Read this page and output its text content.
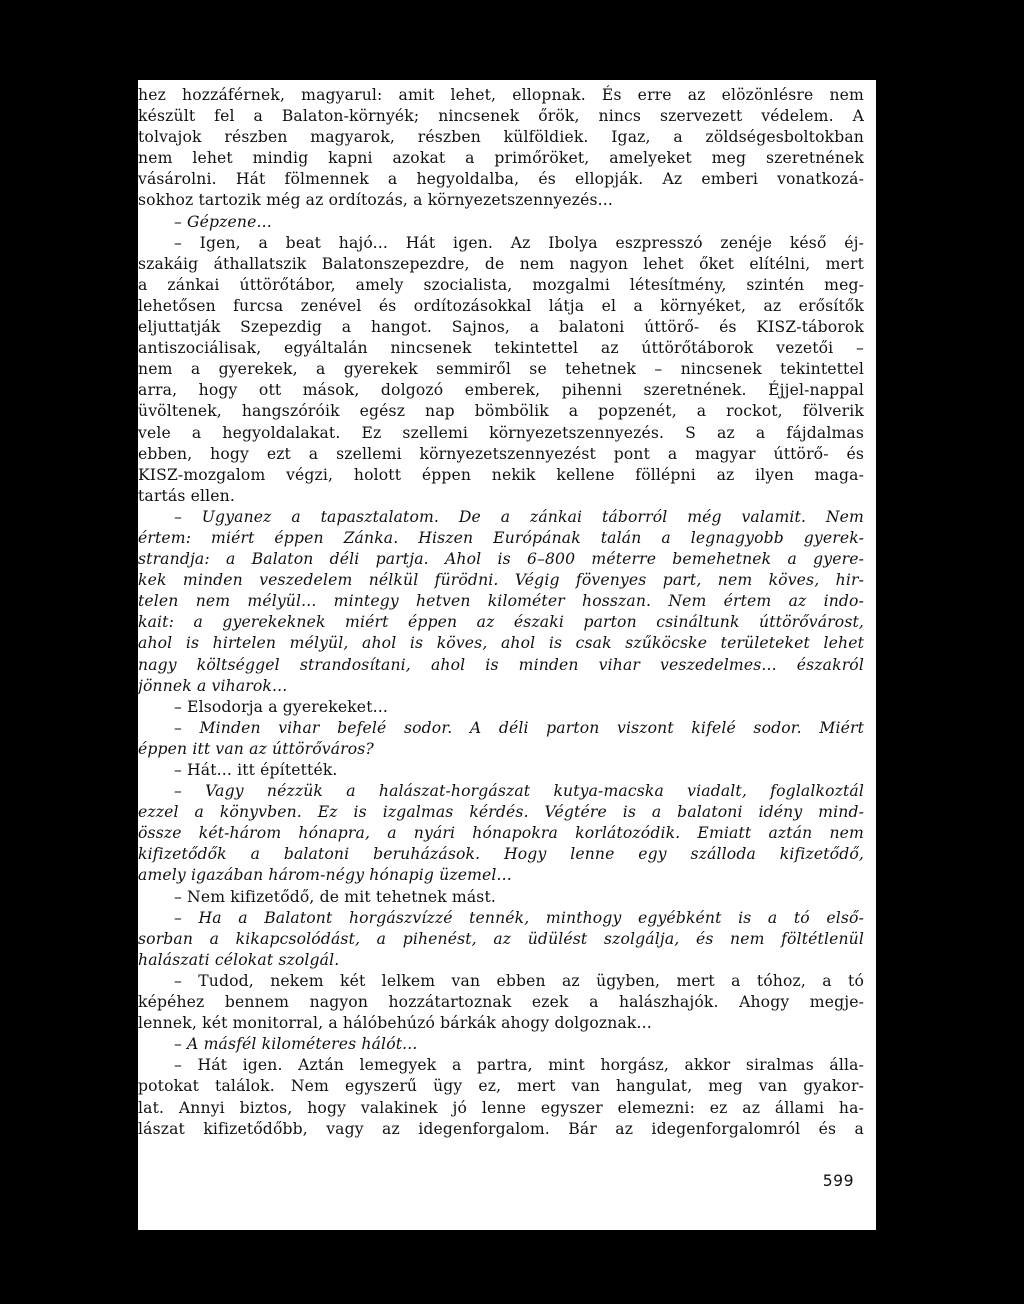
hez hozzáférnek, magyarul: amit lehet, ellopnak. És erre az elözönlésre nem
készült fel a Balaton-környék; nincsenek őrök, nincs szervezett védelem. A
tolvajok részben magyarok, részben külföldiek. Igaz, a zöldségesboltokban
nem lehet mindig kapni azokat a primőröket, amelyeket meg szeretnének
vásárolni. Hát fölmennek a hegyoldalba, és ellopják. Az emberi vonatkozá-
sokhoz tartozik még az ordítozás, a környezetszennyezés...
– Gépzene...
– Igen, a beat hajó... Hát igen. Az Ibolya eszpresszó zenéje késő éj-
szakáig áthallatszik Balatonszepezdre, de nem nagyon lehet őket elítélni, mert
a zánkai úttörőtábor, amely szocialista, mozgalmi létesítmény, szintén meg-
lehetősen furcsa zenével és ordítozásokkal látja el a környéket, az erősítők
eljuttatják Szepezdig a hangot. Sajnos, a balatoni úttörő- és KISZ-táborok
antiszociálisak, egyáltalán nincsenek tekintettel az úttörőtáborok vezetői –
nem a gyerekek, a gyerekek semmiről se tehetnek – nincsenek tekintettel
arra, hogy ott mások, dolgozó emberek, pihenni szeretnének. Éjjel-nappal
üvöltenek, hangszóróik egész nap bömbölik a popzenét, a rockot, fölverik
vele a hegyoldalakat. Ez szellemi környezetszennyezés. S az a fájdalmas
ebben, hogy ezt a szellemi környezetszennyezést pont a magyar úttörő- és
KISZ-mozgalom végzi, holott éppen nekik kellene föllépni az ilyen maga-
tartás ellen.
– Ugyanez a tapasztalatom. De a zánkai táborról még valamit. Nem
értem: miért éppen Zánka. Hiszen Európának talán a legnagyobb gyerek-
strandja: a Balaton déli partja. Ahol is 6–800 méterre bemehetnek a gyere-
kek minden veszedelem nélkül fürödni. Végig fövenyes part, nem köves, hir-
telen nem mélyül... mintegy hetven kilométer hosszan. Nem értem az indo-
kait: a gyerekeknek miért éppen az északi parton csináltunk úttörővárost,
ahol is hirtelen mélyül, ahol is köves, ahol is csak szűköcske területeket lehet
nagy költséggel strandosítani, ahol is minden vihar veszedelmes... északról
jönnek a viharok...
– Elsodorja a gyerekeket...
– Minden vihar befelé sodor. A déli parton viszont kifelé sodor. Miért
éppen itt van az úttörőváros?
– Hát... itt építették.
– Vagy nézzük a halászat-horgászat kutya-macska viadalt, foglalkoztál
ezzel a könyvben. Ez is izgalmas kérdés. Végtére is a balatoni idény mind-
össze két-három hónapra, a nyári hónapokra korlátozódik. Emiatt aztán nem
kifizetődők a balatoni beruházások. Hogy lenne egy szálloda kifizetődő,
amely igazában három-négy hónapig üzemel...
– Nem kifizetődő, de mit tehetnek mást.
– Ha a Balatont horgászvízzé tennék, minthogy egyébként is a tó első-
sorban a kikapcsolódást, a pihenést, az üdülést szolgálja, és nem föltétlenül
halászati célokat szolgál.
– Tudod, nekem két lelkem van ebben az ügyben, mert a tóhoz, a tó
képéhez bennem nagyon hozzátartoznak ezek a halászhajók. Ahogy megje-
lennek, két monitorral, a hálóbehúzó bárkák ahogy dolgoznak...
– A másfél kilométeres hálót...
– Hát igen. Aztán lemegyek a partra, mint horgász, akkor siralmas álla-
potokat találok. Nem egyszerű ügy ez, mert van hangulat, meg van gyakor-
lat. Annyi biztos, hogy valakinek jó lenne egyszer elemezni: ez az állami ha-
lászat kifizetődőbb, vagy az idegenforgalom. Bár az idegenforgalomról és a
599
